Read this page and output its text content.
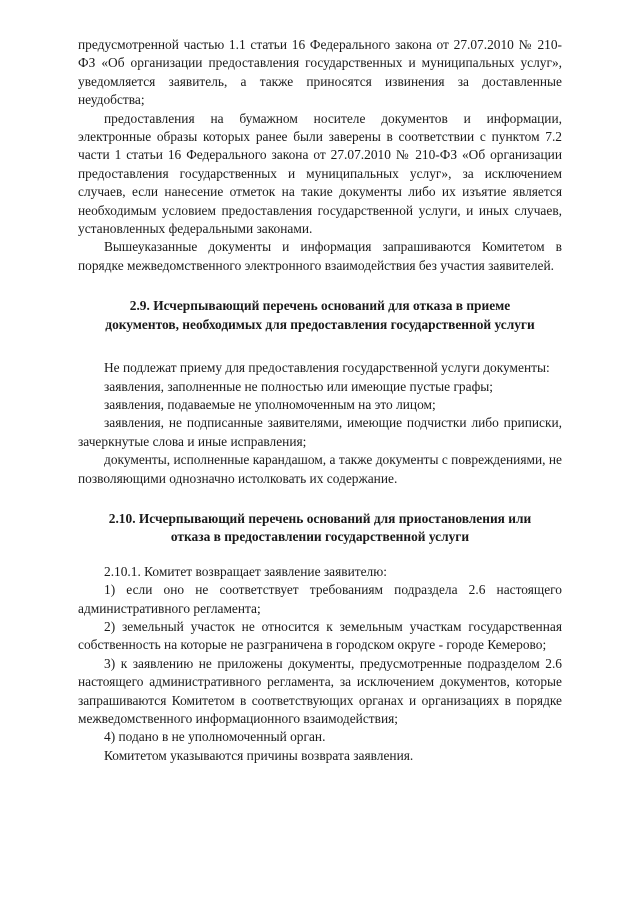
предусмотренной частью 1.1 статьи 16 Федерального закона от 27.07.2010 № 210-ФЗ «Об организации предоставления государственных и муниципальных услуг», уведомляется заявитель, а также приносятся извинения за доставленные неудобства;

предоставления на бумажном носителе документов и информации, электронные образы которых ранее были заверены в соответствии с пунктом 7.2 части 1 статьи 16 Федерального закона от 27.07.2010 № 210-ФЗ «Об организации предоставления государственных и муниципальных услуг», за исключением случаев, если нанесение отметок на такие документы либо их изъятие является необходимым условием предоставления государственной услуги, и иных случаев, установленных федеральными законами.

Вышеуказанные документы и информация запрашиваются Комитетом в порядке межведомственного электронного взаимодействия без участия заявителей.

2.9. Исчерпывающий перечень оснований для отказа в приеме документов, необходимых для предоставления государственной услуги

Не подлежат приему для предоставления государственной услуги документы:

заявления, заполненные не полностью или имеющие пустые графы;

заявления, подаваемые не уполномоченным на это лицом;

заявления, не подписанные заявителями, имеющие подчистки либо приписки, зачеркнутые слова и иные исправления;

документы, исполненные карандашом, а также документы с повреждениями, не позволяющими однозначно истолковать их содержание.

2.10. Исчерпывающий перечень оснований для приостановления или отказа в предоставлении государственной услуги

2.10.1. Комитет возвращает заявление заявителю:

1) если оно не соответствует требованиям подраздела 2.6 настоящего административного регламента;

2) земельный участок не относится к земельным участкам государственная собственность на которые не разграничена в городском округе - городе Кемерово;

3) к заявлению не приложены документы, предусмотренные подразделом 2.6 настоящего административного регламента, за исключением документов, которые запрашиваются Комитетом в соответствующих органах и организациях в порядке межведомственного информационного взаимодействия;

4) подано в не уполномоченный орган.

Комитетом указываются причины возврата заявления.
